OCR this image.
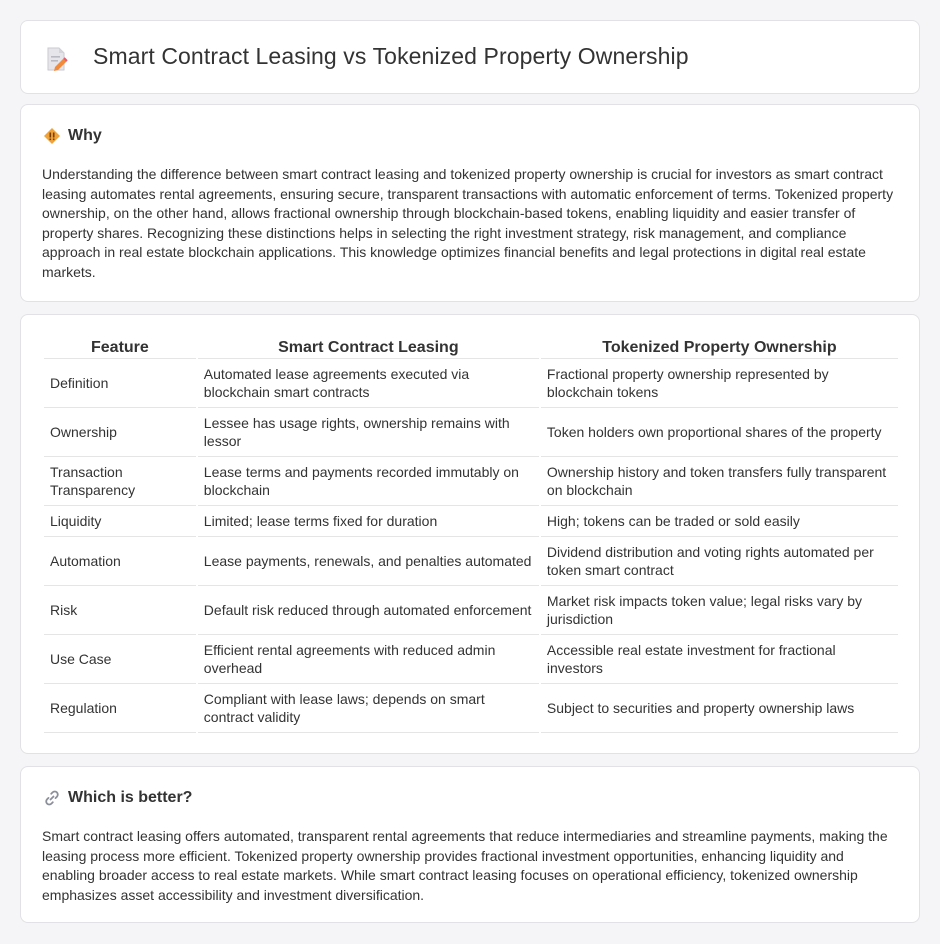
Smart Contract Leasing vs Tokenized Property Ownership
Why

Understanding the difference between smart contract leasing and tokenized property ownership is crucial for investors as smart contract leasing automates rental agreements, ensuring secure, transparent transactions with automatic enforcement of terms. Tokenized property ownership, on the other hand, allows fractional ownership through blockchain-based tokens, enabling liquidity and easier transfer of property shares. Recognizing these distinctions helps in selecting the right investment strategy, risk management, and compliance approach in real estate blockchain applications. This knowledge optimizes financial benefits and legal protections in digital real estate markets.

Feature	Smart Contract Leasing	Tokenized Property Ownership
Definition	Automated lease agreements executed via blockchain smart contracts	Fractional property ownership represented by blockchain tokens
Ownership	Lessee has usage rights, ownership remains with lessor	Token holders own proportional shares of the property
Transaction Transparency	Lease terms and payments recorded immutably on blockchain	Ownership history and token transfers fully transparent on blockchain
Liquidity	Limited; lease terms fixed for duration	High; tokens can be traded or sold easily
Automation	Lease payments, renewals, and penalties automated	Dividend distribution and voting rights automated per token smart contract
Risk	Default risk reduced through automated enforcement	Market risk impacts token value; legal risks vary by jurisdiction
Use Case	Efficient rental agreements with reduced admin overhead	Accessible real estate investment for fractional investors
Regulation	Compliant with lease laws; depends on smart contract validity	Subject to securities and property ownership laws
Which is better?

Smart contract leasing offers automated, transparent rental agreements that reduce intermediaries and streamline payments, making the leasing process more efficient. Tokenized property ownership provides fractional investment opportunities, enhancing liquidity and enabling broader access to real estate markets. While smart contract leasing focuses on operational efficiency, tokenized ownership emphasizes asset accessibility and investment diversification.
